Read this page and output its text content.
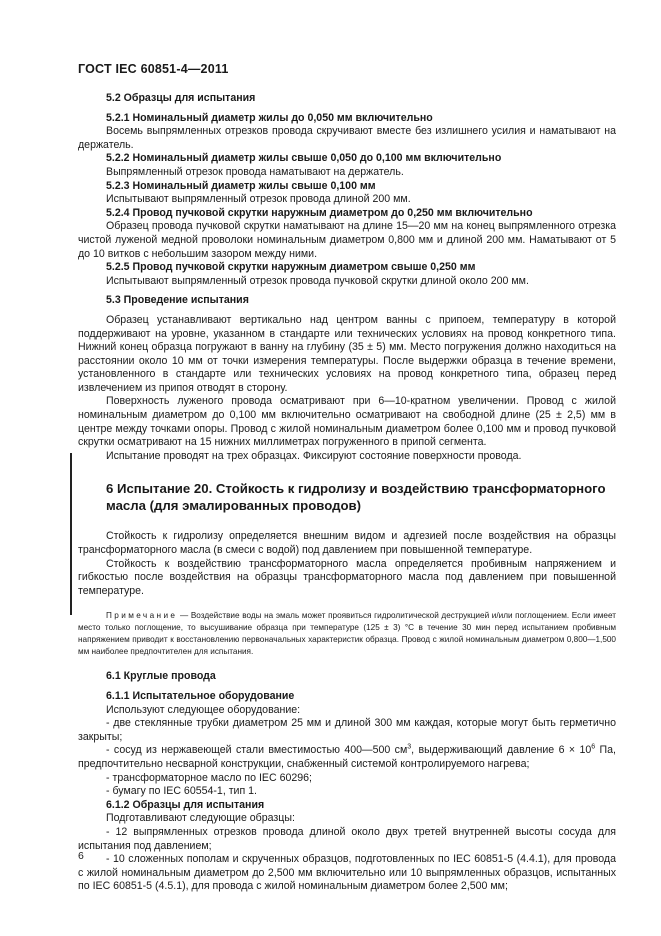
ГОСТ IEC 60851-4—2011

5.2 Образцы для испытания

5.2.1 Номинальный диаметр жилы до 0,050 мм включительно

Восемь выпрямленных отрезков провода скручивают вместе без излишнего усилия и наматывают на держатель.

5.2.2 Номинальный диаметр жилы свыше 0,050 до 0,100 мм включительно

Выпрямленный отрезок провода наматывают на держатель.

5.2.3 Номинальный диаметр жилы свыше 0,100 мм

Испытывают выпрямленный отрезок провода длиной 200 мм.

5.2.4 Провод пучковой скрутки наружным диаметром до 0,250 мм включительно

Образец провода пучковой скрутки наматывают на длине 15—20 мм на конец выпрямленного отрезка чистой луженой медной проволоки номинальным диаметром 0,800 мм и длиной 200 мм. Наматывают от 5 до 10 витков с небольшим зазором между ними.

5.2.5 Провод пучковой скрутки наружным диаметром свыше 0,250 мм

Испытывают выпрямленный отрезок провода пучковой скрутки длиной около 200 мм.

5.3 Проведение испытания

Образец устанавливают вертикально над центром ванны с припоем, температуру в которой поддерживают на уровне, указанном в стандарте или технических условиях на провод конкретного типа. Нижний конец образца погружают в ванну на глубину (35 ± 5) мм. Место погружения должно находиться на расстоянии около 10 мм от точки измерения температуры. После выдержки образца в течение времени, установленного в стандарте или технических условиях на провод конкретного типа, образец перед извлечением из припоя отводят в сторону.

Поверхность луженого провода осматривают при 6—10-кратном увеличении. Провод с жилой номинальным диаметром до 0,100 мм включительно осматривают на свободной длине (25 ± 2,5) мм в центре между точками опоры. Провод с жилой номинальным диаметром более 0,100 мм и провод пучковой скрутки осматривают на 15 нижних миллиметрах погруженного в припой сегмента.

Испытание проводят на трех образцах. Фиксируют состояние поверхности провода.

6 Испытание 20. Стойкость к гидролизу и воздействию трансформаторного масла (для эмалированных проводов)

Стойкость к гидролизу определяется внешним видом и адгезией после воздействия на образцы трансформаторного масла (в смеси с водой) под давлением при повышенной температуре.

Стойкость к воздействию трансформаторного масла определяется пробивным напряжением и гибкостью после воздействия на образцы трансформаторного масла под давлением при повышенной температуре.

Примечание — Воздействие воды на эмаль может проявиться гидролитической деструкцией и/или поглощением. Если имеет место только поглощение, то высушивание образца при температуре (125 ± 3) °С в течение 30 мин перед испытанием пробивным напряжением приводит к восстановлению первоначальных характеристик образца. Провод с жилой номинальным диаметром 0,800—1,500 мм наиболее предпочтителен для испытания.

6.1 Круглые провода

6.1.1 Испытательное оборудование

Используют следующее оборудование:

- две стеклянные трубки диаметром 25 мм и длиной 300 мм каждая, которые могут быть герметично закрыты;

- сосуд из нержавеющей стали вместимостью 400—500 $см^3$, выдерживающий давление $6 \times 10^6$ Па, предпочтительно несварной конструкции, снабженный системой контролируемого нагрева;

- трансформаторное масло по IEC 60296;

- бумагу по IEC 60554-1, тип 1.

6.1.2 Образцы для испытания

Подготавливают следующие образцы:

- 12 выпрямленных отрезков провода длиной около двух третей внутренней высоты сосуда для испытания под давлением;

- 10 сложенных пополам и скрученных образцов, подготовленных по IEC 60851-5 (4.4.1), для провода с жилой номинальным диаметром до 2,500 мм включительно или 10 выпрямленных образцов, испытанных по IEC 60851-5 (4.5.1), для провода с жилой номинальным диаметром более 2,500 мм;

6
